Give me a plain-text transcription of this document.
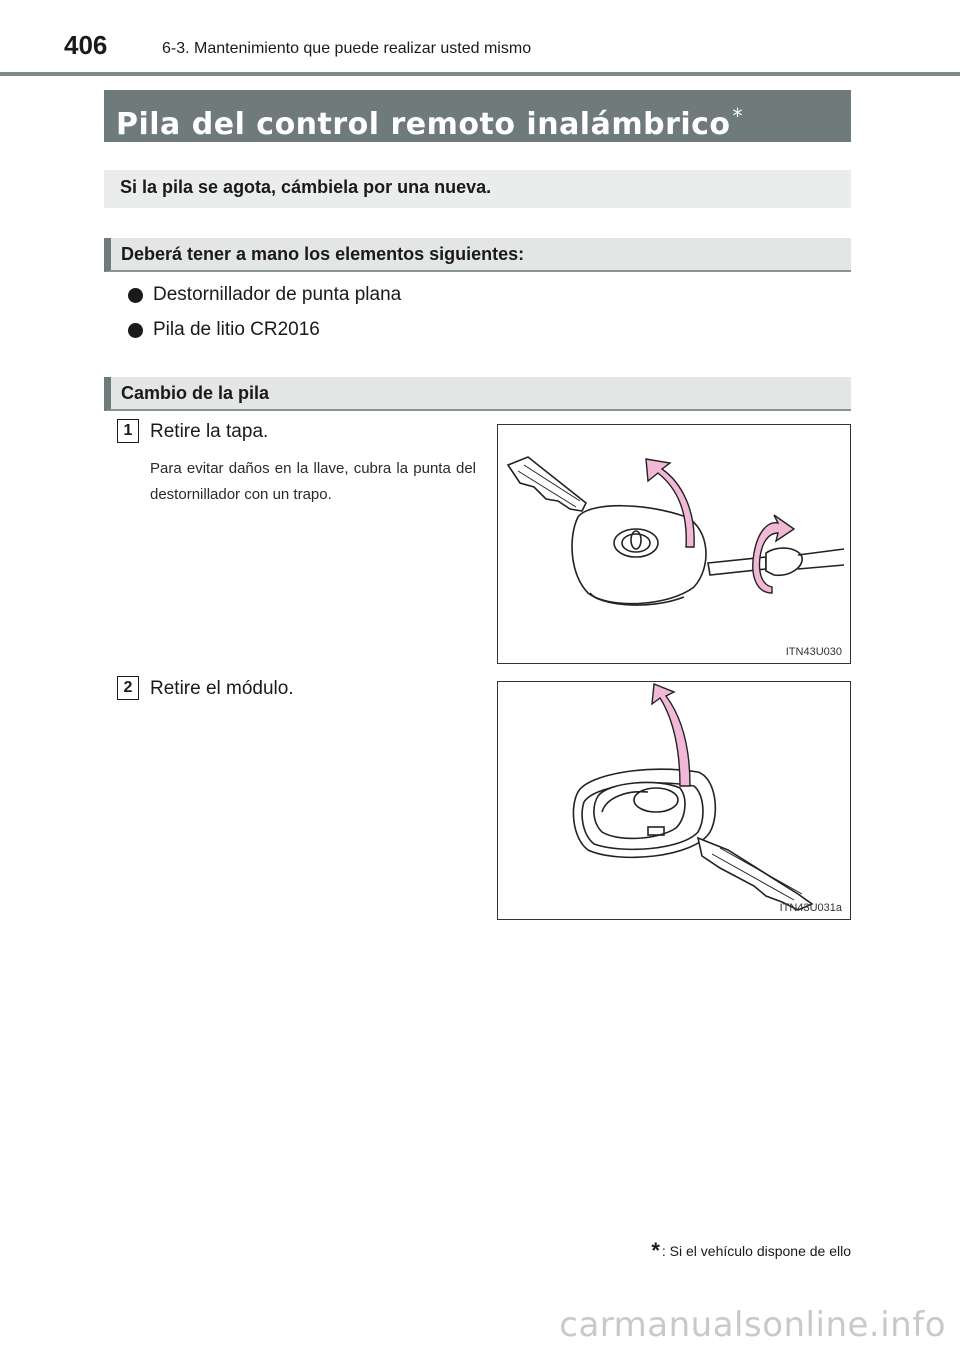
406	6-3. Mantenimiento que puede realizar usted mismo
Pila del control remoto inalámbrico *
Si la pila se agota, cámbiela por una nueva.
Deberá tener a mano los elementos siguientes:
Destornillador de punta plana
Pila de litio CR2016
Cambio de la pila
1 Retire la tapa.
Para evitar daños en la llave, cubra la punta del destornillador con un trapo.
ITN43U030
2 Retire el módulo.
ITN43U031a
* : Si el vehículo dispone de ello
carmanualsonline.info
